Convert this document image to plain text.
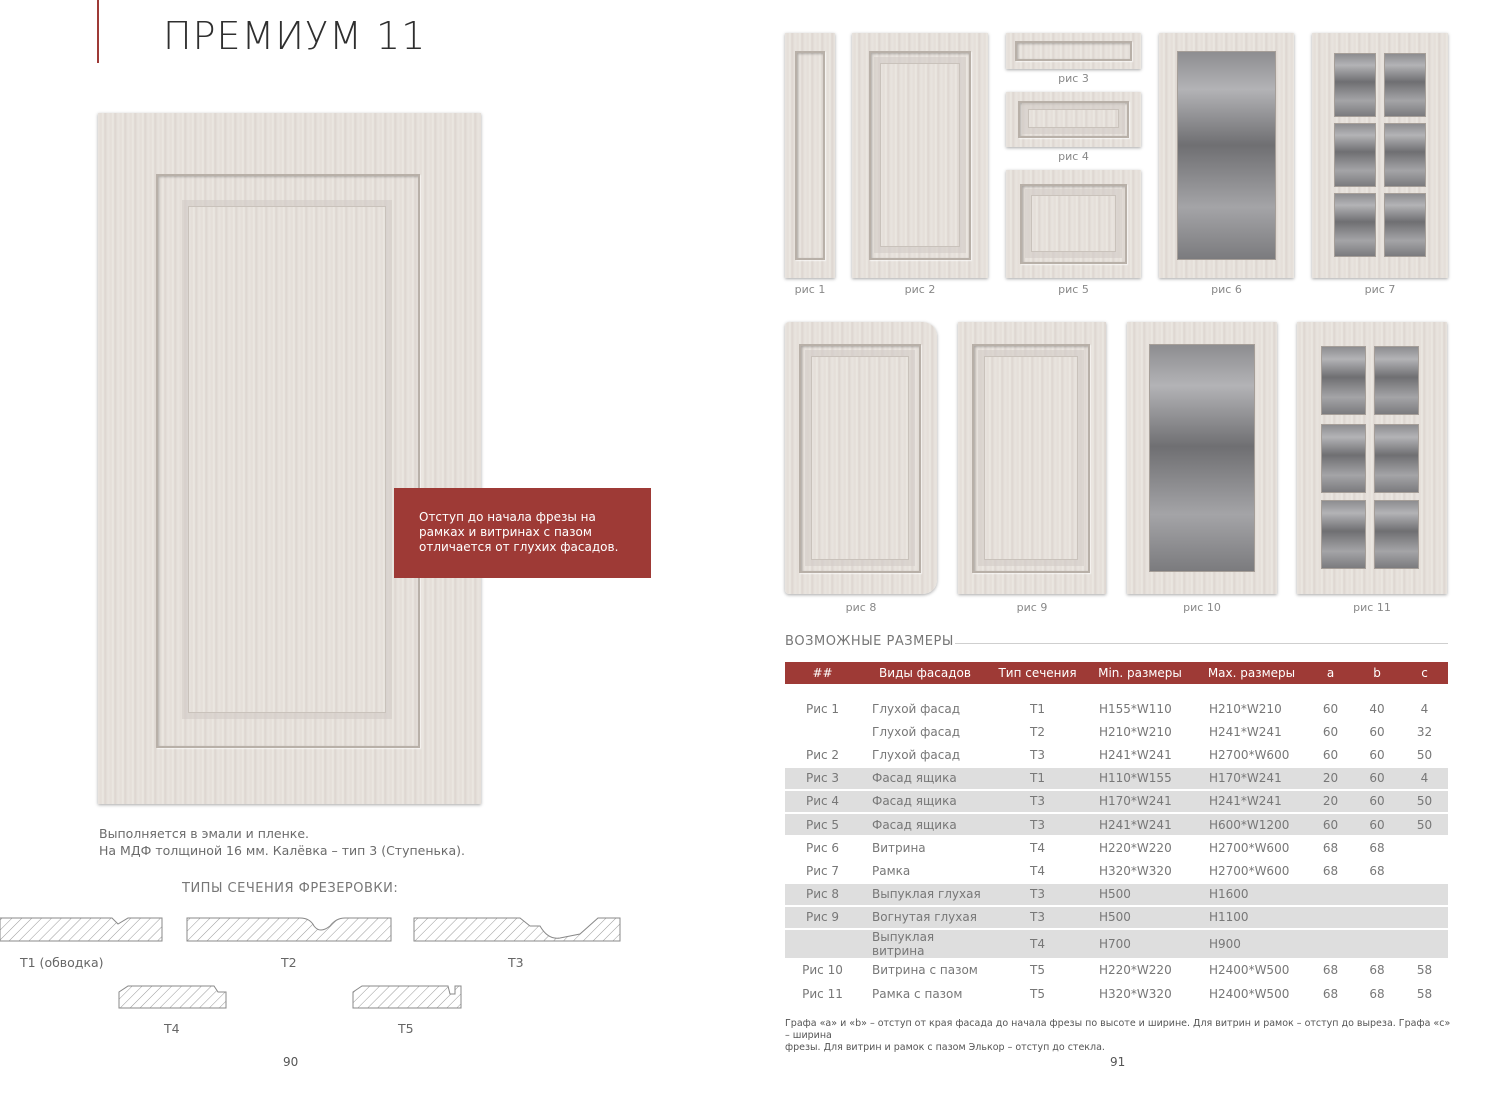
ПРЕМИУМ 11
Отступ до начала фрезы на
рамках и витринах с пазом
отличается от глухих фасадов.
Выполняется в эмали и пленке.
На МДФ толщиной 16 мм. Калёвка – тип 3 (Ступенька).
ТИПЫ СЕЧЕНИЯ ФРЕЗЕРОВКИ:
Т1 (обводка)	Т2	Т3
Т4	Т5
90
рис 1	рис 2
рис 3
рис 4
рис 5	рис 6	рис 7
рис 8	рис 9	рис 10	рис 11
ВОЗМОЖНЫЕ РАЗМЕРЫ
##	Виды фасадов	Тип сечения	Min. размеры	Max. размеры	a	b	c

Рис 1	Глухой фасад	Т1	H155*W110	H210*W210	60	40	4
	Глухой фасад	Т2	H210*W210	H241*W241	60	60	32
Рис 2	Глухой фасад	Т3	H241*W241	H2700*W600	60	60	50
Рис 3	Фасад ящика	Т1	H110*W155	H170*W241	20	60	4
Рис 4	Фасад ящика	Т3	H170*W241	H241*W241	20	60	50
Рис 5	Фасад ящика	Т3	H241*W241	H600*W1200	60	60	50
Рис 6	Витрина	Т4	H220*W220	H2700*W600	68	68	
Рис 7	Рамка	Т4	H320*W320	H2700*W600	68	68	
Рис 8	Выпуклая глухая	Т3	H500	H1600			
Рис 9	Вогнутая глухая	Т3	H500	H1100			
	Выпуклая витрина	Т4	H700	H900			
Рис 10	Витрина с пазом	Т5	H220*W220	H2400*W500	68	68	58
Рис 11	Рамка с пазом	Т5	H320*W320	H2400*W500	68	68	58
Графа «а» и «b» – отступ от края фасада до начала фрезы по высоте и ширине. Для витрин и рамок – отступ до выреза. Графа «с» – ширина
фрезы. Для витрин и рамок с пазом Элькор – отступ до стекла.
91
